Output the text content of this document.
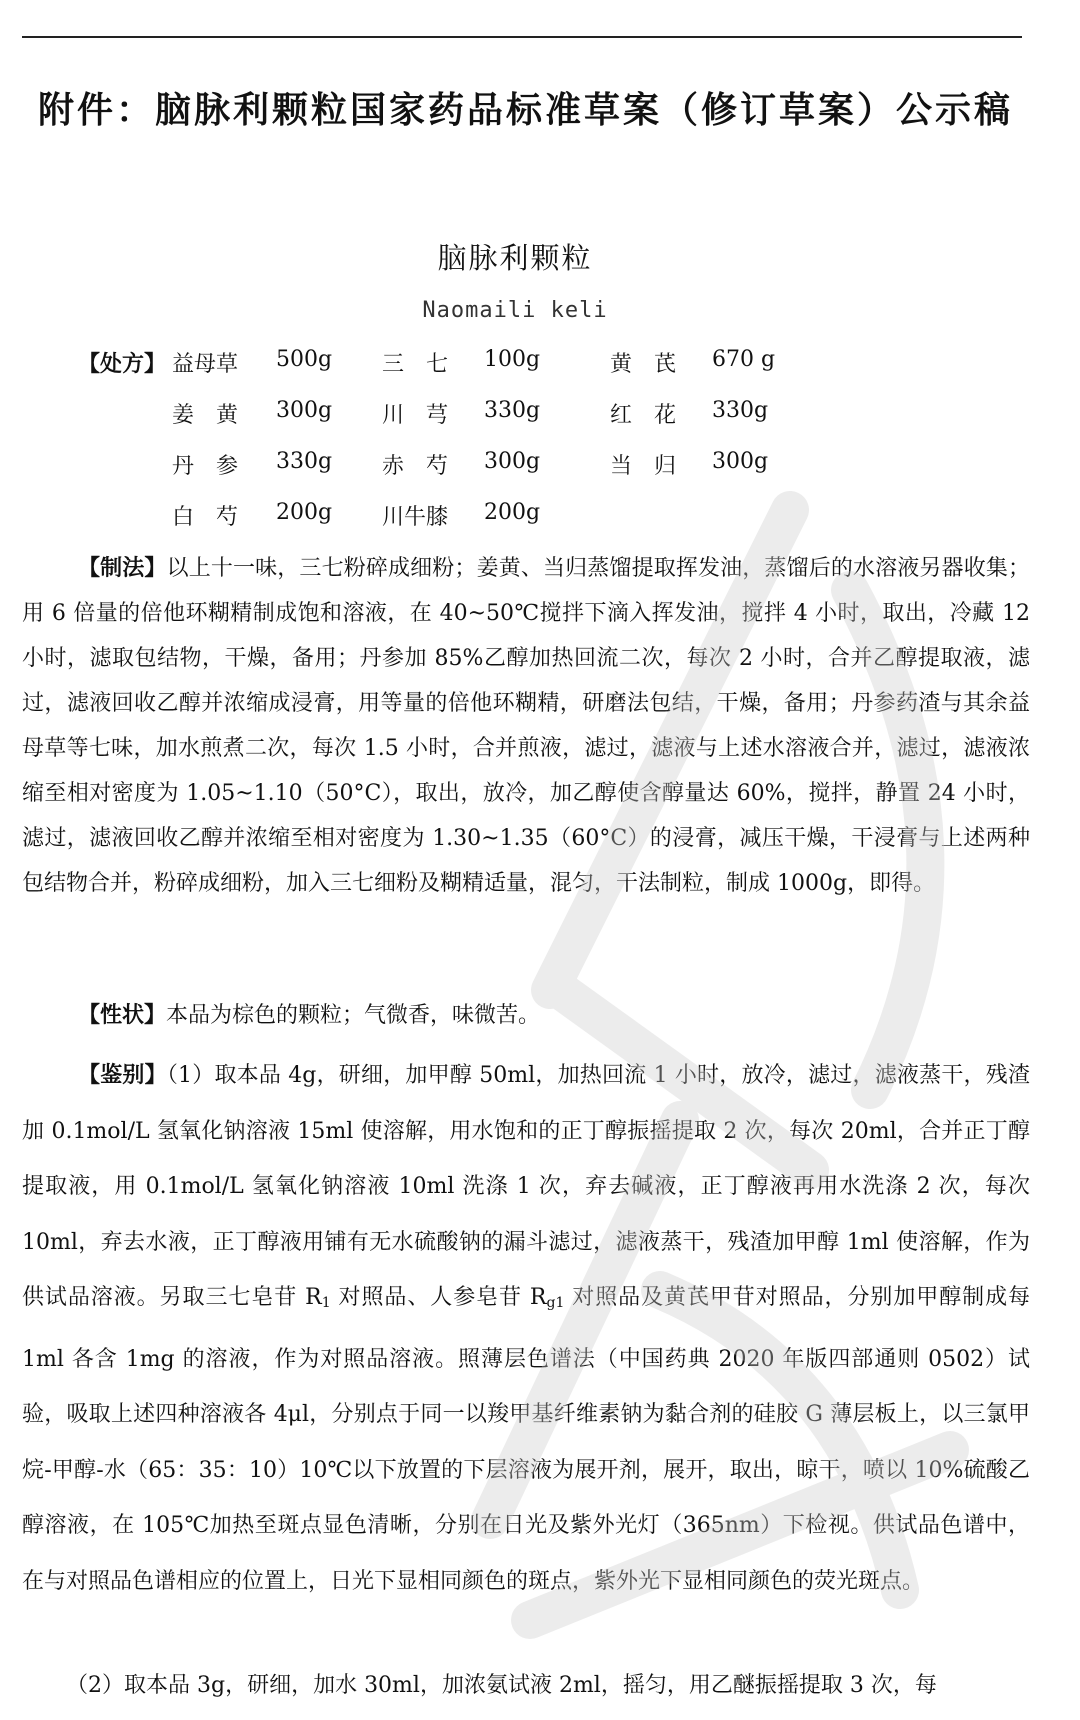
附件：脑脉利颗粒国家药品标准草案（修订草案）公示稿
脑脉利颗粒
Naomaili keli
【处方】 益母草 500g 三　七 100g	黄　芪 670 g
姜　黄 300g 川　芎 330g	红　花 330g
丹　参 330g 赤　芍 300g	当　归 300g
白　芍 200g 川牛膝 200g

【制法】以上十一味，三七粉碎成细粉；姜黄、当归蒸馏提取挥发油，蒸馏后的水溶液另器收集；用 6 倍量的倍他环糊精制成饱和溶液，在 40~50℃搅拌下滴入挥发油，搅拌 4 小时，取出，冷藏 12 小时，滤取包结物，干燥，备用；丹参加 85%乙醇加热回流二次，每次 2 小时，合并乙醇提取液，滤过，滤液回收乙醇并浓缩成浸膏，用等量的倍他环糊精，研磨法包结，干燥，备用；丹参药渣与其余益母草等七味，加水煎煮二次，每次 1.5 小时，合并煎液，滤过，滤液与上述水溶液合并，滤过，滤液浓缩至相对密度为 1.05~1.10（50°C），取出，放冷，加乙醇使含醇量达 60%，搅拌，静置 24 小时，滤过，滤液回收乙醇并浓缩至相对密度为 1.30~1.35（60°C）的浸膏，减压干燥，干浸膏与上述两种包结物合并，粉碎成细粉，加入三七细粉及糊精适量，混匀，干法制粒，制成 1000g，即得。

【性状】本品为棕色的颗粒；气微香，味微苦。

【鉴别】（1）取本品 4g，研细，加甲醇 50ml，加热回流 1 小时，放冷，滤过，滤液蒸干，残渣加 0.1mol/L 氢氧化钠溶液 15ml 使溶解，用水饱和的正丁醇振摇提取 2 次，每次 20ml，合并正丁醇提取液，用 0.1mol/L 氢氧化钠溶液 10ml 洗涤 1 次，弃去碱液，正丁醇液再用水洗涤 2 次，每次 10ml，弃去水液，正丁醇液用铺有无水硫酸钠的漏斗滤过，滤液蒸干，残渣加甲醇 1ml 使溶解，作为供试品溶液。另取三七皂苷 $R_1$ 对照品、人参皂苷 $R_{g1}$ 对照品及黄芪甲苷对照品，分别加甲醇制成每 1ml 各含 1mg 的溶液，作为对照品溶液。照薄层色谱法（中国药典 2020 年版四部通则 0502）试验，吸取上述四种溶液各 4μl，分别点于同一以羧甲基纤维素钠为黏合剂的硅胶 G 薄层板上，以三氯甲烷-甲醇-水（65：35：10）10℃以下放置的下层溶液为展开剂，展开，取出，晾干，喷以 10%硫酸乙醇溶液，在 105℃加热至斑点显色清晰，分别在日光及紫外光灯（365nm）下检视。供试品色谱中，在与对照品色谱相应的位置上，日光下显相同颜色的斑点，紫外光下显相同颜色的荧光斑点。

（2）取本品 3g，研细，加水 30ml，加浓氨试液 2ml，摇匀，用乙醚振摇提取 3 次，每
